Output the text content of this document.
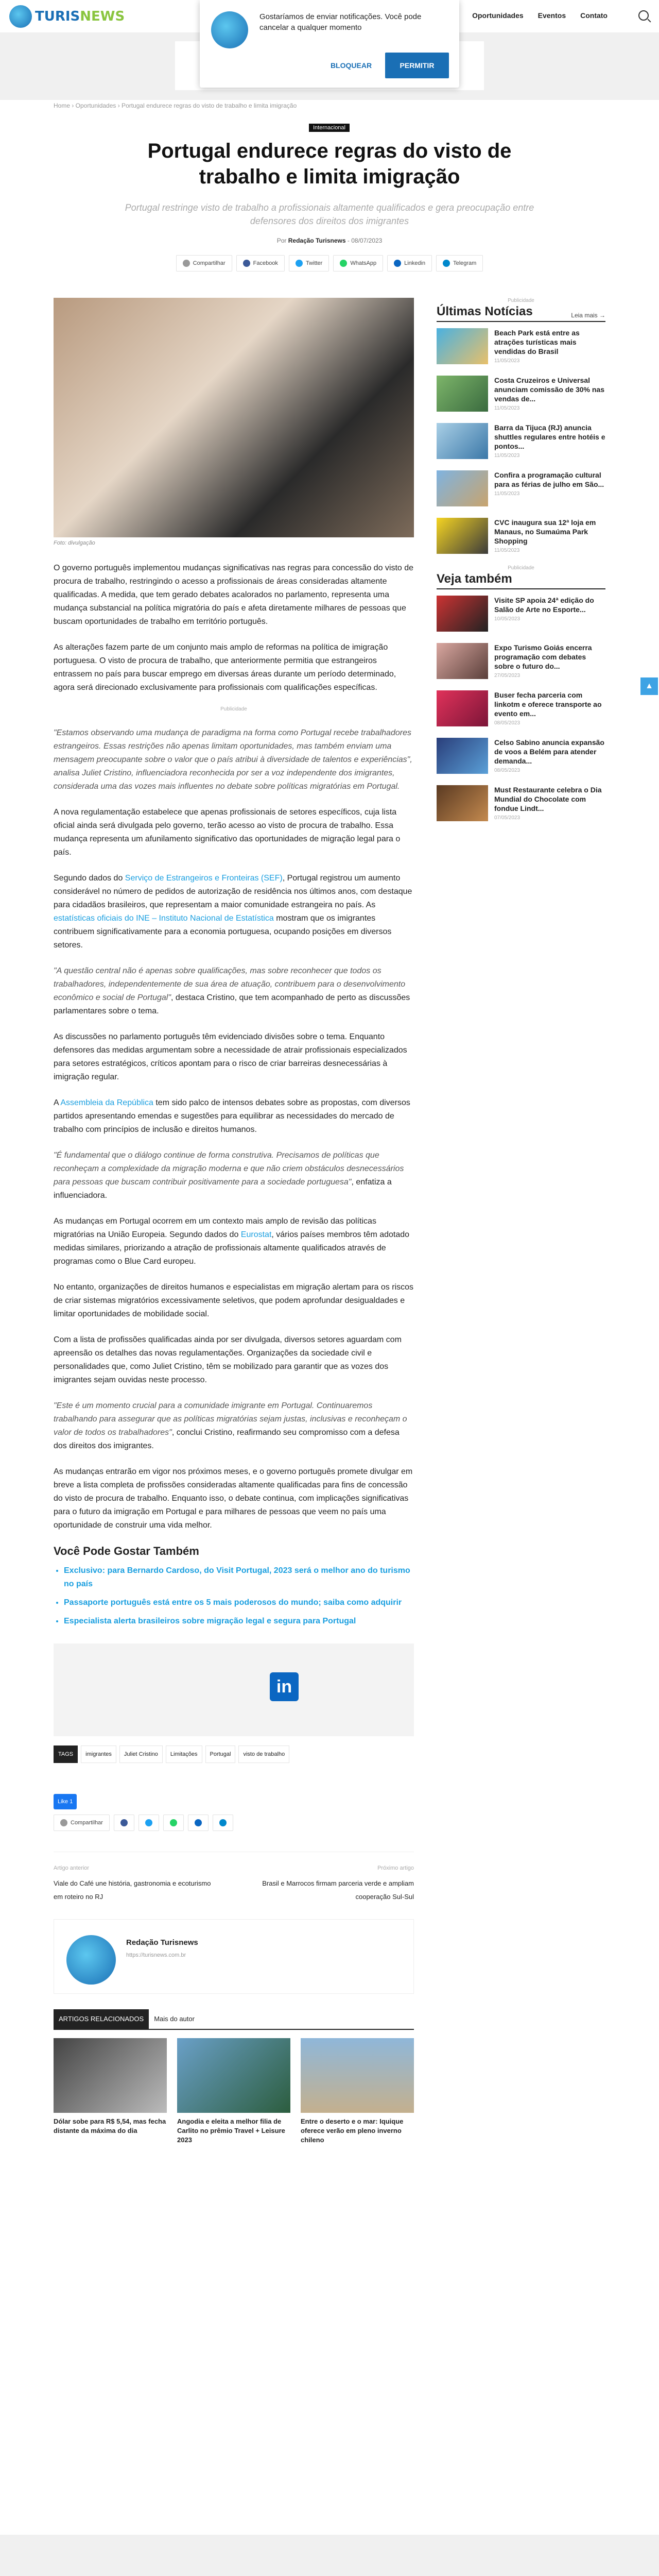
TURISNEWS	Oportunidades Eventos Contato
Gostaríamos de enviar notificações. Você pode cancelar a qualquer momento
BLOQUEAR	PERMITIR
Home › Oportunidades › Portugal endurece regras do visto de trabalho e limita imigração
Internacional
Portugal endurece regras do visto de trabalho e limita imigração
Portugal restringe visto de trabalho a profissionais altamente qualificados e gera preocupação entre defensores dos direitos dos imigrantes
Por Redação Turisnews - 08/07/2023
Compartilhar	Facebook	Twitter	WhatsApp	Linkedin	Telegram
Foto: divulgação

O governo português implementou mudanças significativas nas regras para concessão do visto de procura de trabalho, restringindo o acesso a profissionais de áreas consideradas altamente qualificadas. A medida, que tem gerado debates acalorados no parlamento, representa uma mudança substancial na política migratória do país e afeta diretamente milhares de pessoas que buscam oportunidades de trabalho em território português.

As alterações fazem parte de um conjunto mais amplo de reformas na política de imigração portuguesa. O visto de procura de trabalho, que anteriormente permitia que estrangeiros entrassem no país para buscar emprego em diversas áreas durante um período determinado, agora será direcionado exclusivamente para profissionais com qualificações específicas.

Publicidade

"Estamos observando uma mudança de paradigma na forma como Portugal recebe trabalhadores estrangeiros. Essas restrições não apenas limitam oportunidades, mas também enviam uma mensagem preocupante sobre o valor que o país atribui à diversidade de talentos e experiências", analisa Juliet Cristino, influenciadora reconhecida por ser a voz independente dos imigrantes, considerada uma das vozes mais influentes no debate sobre políticas migratórias em Portugal.

A nova regulamentação estabelece que apenas profissionais de setores específicos, cuja lista oficial ainda será divulgada pelo governo, terão acesso ao visto de procura de trabalho. Essa mudança representa um afunilamento significativo das oportunidades de migração legal para o país.

Segundo dados do Serviço de Estrangeiros e Fronteiras (SEF), Portugal registrou um aumento considerável no número de pedidos de autorização de residência nos últimos anos, com destaque para cidadãos brasileiros, que representam a maior comunidade estrangeira no país. As estatísticas oficiais do INE – Instituto Nacional de Estatística mostram que os imigrantes contribuem significativamente para a economia portuguesa, ocupando posições em diversos setores.

"A questão central não é apenas sobre qualificações, mas sobre reconhecer que todos os trabalhadores, independentemente de sua área de atuação, contribuem para o desenvolvimento econômico e social de Portugal", destaca Cristino, que tem acompanhado de perto as discussões parlamentares sobre o tema.

As discussões no parlamento português têm evidenciado divisões sobre o tema. Enquanto defensores das medidas argumentam sobre a necessidade de atrair profissionais especializados para setores estratégicos, críticos apontam para o risco de criar barreiras desnecessárias à imigração regular.

A Assembleia da República tem sido palco de intensos debates sobre as propostas, com diversos partidos apresentando emendas e sugestões para equilibrar as necessidades do mercado de trabalho com princípios de inclusão e direitos humanos.

"É fundamental que o diálogo continue de forma construtiva. Precisamos de políticas que reconheçam a complexidade da migração moderna e que não criem obstáculos desnecessários para pessoas que buscam contribuir positivamente para a sociedade portuguesa", enfatiza a influenciadora.

As mudanças em Portugal ocorrem em um contexto mais amplo de revisão das políticas migratórias na União Europeia. Segundo dados do Eurostat, vários países membros têm adotado medidas similares, priorizando a atração de profissionais altamente qualificados através de programas como o Blue Card europeu.

No entanto, organizações de direitos humanos e especialistas em migração alertam para os riscos de criar sistemas migratórios excessivamente seletivos, que podem aprofundar desigualdades e limitar oportunidades de mobilidade social.

Com a lista de profissões qualificadas ainda por ser divulgada, diversos setores aguardam com apreensão os detalhes das novas regulamentações. Organizações da sociedade civil e personalidades que, como Juliet Cristino, têm se mobilizado para garantir que as vozes dos imigrantes sejam ouvidas neste processo.

"Este é um momento crucial para a comunidade imigrante em Portugal. Continuaremos trabalhando para assegurar que as políticas migratórias sejam justas, inclusivas e reconheçam o valor de todos os trabalhadores", conclui Cristino, reafirmando seu compromisso com a defesa dos direitos dos imigrantes.

As mudanças entrarão em vigor nos próximos meses, e o governo português promete divulgar em breve a lista completa de profissões consideradas altamente qualificadas para fins de concessão do visto de procura de trabalho. Enquanto isso, o debate continua, com implicações significativas para o futuro da imigração em Portugal e para milhares de pessoas que veem no país uma oportunidade de construir uma vida melhor.

Você Pode Gostar Também
• Exclusivo: para Bernardo Cardoso, do Visit Portugal, 2023 será o melhor ano do turismo no país
• Passaporte português está entre os 5 mais poderosos do mundo; saiba como adquirir
• Especialista alerta brasileiros sobre migração legal e segura para Portugal
in
TAGS	imigrantes	Juliet Cristino	Limitações	Portugal	visto de trabalho
Like 1
Compartilhar
Artigo anterior
Viale do Café une história, gastronomia e ecoturismo em roteiro no RJ
Próximo artigo
Brasil e Marrocos firmam parceria verde e ampliam cooperação Sul-Sul
Redação Turisnews
https://turisnews.com.br
ARTIGOS RELACIONADOS	Mais do autor
Dólar sobe para R$ 5,54, mas fecha distante da máxima do dia
Angodia e eleita a melhor filia de Carlito no prêmio Travel + Leisure 2023
Entre o deserto e o mar: Iquique oferece verão em pleno inverno chileno
Publicidade
Últimas Notícias	Leia mais →
Beach Park está entre as atrações turísticas mais vendidas do Brasil
11/05/2023
Costa Cruzeiros e Universal anunciam comissão de 30% nas vendas de...
11/05/2023
Barra da Tijuca (RJ) anuncia shuttles regulares entre hotéis e pontos...
11/05/2023
Confira a programação cultural para as férias de julho em São...
11/05/2023
CVC inaugura sua 12ª loja em Manaus, no Sumaúma Park Shopping
11/05/2023
Publicidade
Veja também
Visite SP apoia 24ª edição do Salão de Arte no Esporte...
10/05/2023
Expo Turismo Goiás encerra programação com debates sobre o futuro do...
27/05/2023
Buser fecha parceria com linkotm e oferece transporte ao evento em...
08/05/2023
Celso Sabino anuncia expansão de voos a Belém para atender demanda...
08/05/2023
Must Restaurante celebra o Dia Mundial do Chocolate com fondue Lindt...
07/05/2023
▲
